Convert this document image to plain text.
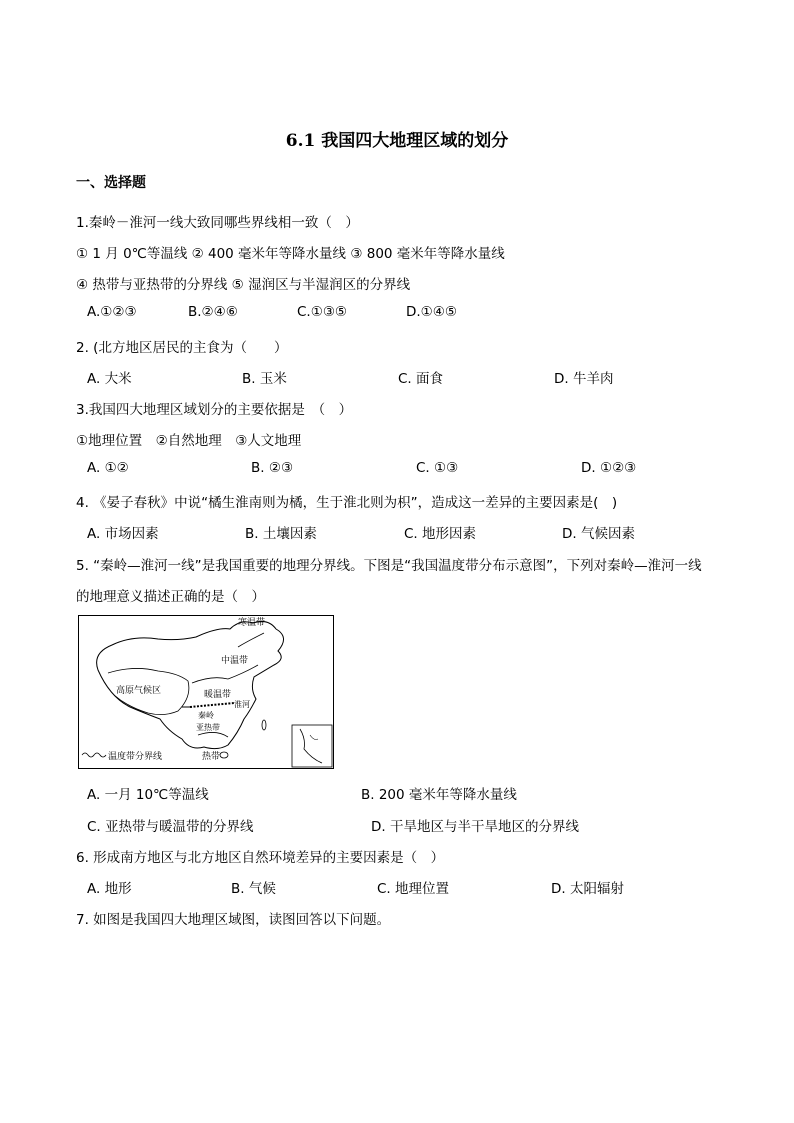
6.1 我国四大地理区域的划分
一、选择题
1.秦岭－淮河一线大致同哪些界线相一致（　）
① 1 月 0℃等温线 ② 400 毫米年等降水量线 ③ 800 毫米年等降水量线
④ 热带与亚热带的分界线 ⑤ 湿润区与半湿润区的分界线
A.①②③	B.②④⑥	C.①③⑤	D.①④⑤
2. (北方地区居民的主食为（　　）
A. 大米	B. 玉米	C. 面食	D. 牛羊肉
3.我国四大地理区域划分的主要依据是　（　）
①地理位置　②自然地理　③人文地理
A. ①②	B. ②③	C. ①③	D. ①②③
4. 《晏子春秋》中说“橘生淮南则为橘，生于淮北则为枳”，造成这一差异的主要因素是(　)
A. 市场因素	B. 土壤因素	C. 地形因素	D. 气候因素
5. “秦岭—淮河一线”是我国重要的地理分界线。下图是“我国温度带分布示意图”，下列对秦岭—淮河一线
的地理意义描述正确的是（　）
寒温带
中温带
高原气候区	暖温带
淮河
秦岭
亚热带
温度带分界线	热带
A. 一月 10℃等温线	B. 200 毫米年等降水量线
C. 亚热带与暖温带的分界线	D. 干旱地区与半干旱地区的分界线
6. 形成南方地区与北方地区自然环境差异的主要因素是（　）
A. 地形	B. 气候	C. 地理位置	D. 太阳辐射
7. 如图是我国四大地理区域图，读图回答以下问题。
